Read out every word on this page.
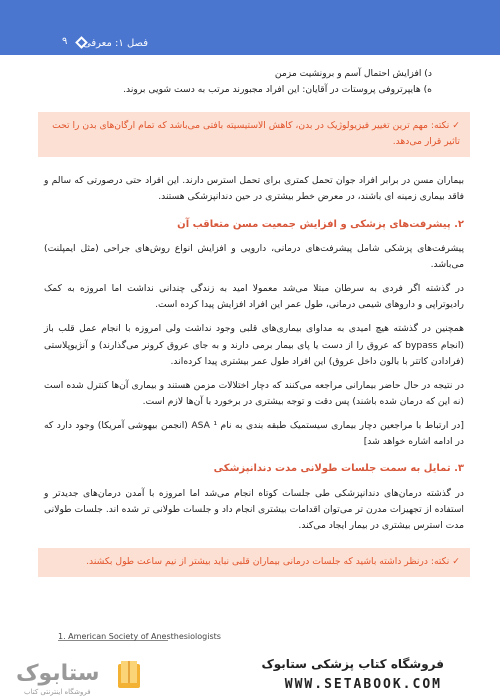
۹ فصل ۱: معرفی
د) افزایش احتمال آسم و برونشیت مزمن
ه) هایپرتروفی پروستات در آقایان: این افراد مجبورند مرتب به دست شویی بروند.
✓نکته: مهم ترین تغییر فیزیولوژیک در بدن، کاهش الاستیسیته بافتی می‌باشد که تمام ارگان‌های بدن را تحت تاثیر قرار می‌دهد.
بیماران مسن در برابر افراد جوان تحمل کمتری برای تحمل استرس دارند. این افراد حتی درصورتی که سالم و فاقد بیماری زمینه ای باشند، در معرض خطر بیشتری در حین دندانپزشکی هستند.
۲. پیشرفت‌های پزشکی و افزایش جمعیت مسن متعاقب آن
پیشرفت‌های پزشکی شامل پیشرفت‌های درمانی، دارویی و افزایش انواع روش‌های جراحی (مثل ایمپلنت) می‌باشد.
در گذشته اگر فردی به سرطان مبتلا می‌شد معمولا امید به زندگی چندانی نداشت اما امروزه به کمک رادیوتراپی و داروهای شیمی درمانی، طول عمر این افراد افزایش پیدا کرده است.
همچنین در گذشته هیچ امیدی به مداوای بیماری‌های قلبی وجود نداشت ولی امروزه با انجام عمل قلب باز (انجام bypass که عروق را از دست یا پای بیمار برمی دارند و به جای عروق کرونر می‌گذارند) و آنژیوپلاستی (فرادادن کاتتر با بالون داخل عروق) این افراد طول عمر بیشتری پیدا کرده‌اند.
در نتیجه در حال حاضر بیمارانی مراجعه می‌کنند که دچار اختلالات مزمن هستند و بیماری آن‌ها کنترل شده است (نه این که درمان شده باشند) پس دقت و توجه بیشتری در برخورد با آن‌ها لازم است.
[در ارتباط با مراجعین دچار بیماری سیستمیک طبقه بندی به نام ASA ¹ (انجمن بیهوشی آمریکا) وجود دارد که در ادامه اشاره خواهد شد]
۳. تمایل به سمت جلسات طولانی مدت دندانپزشکی
در گذشته درمان‌های دندانپزشکی طی جلسات کوتاه انجام می‌شد اما امروزه با آمدن درمان‌های جدیدتر و استفاده از تجهیزات مدرن تر می‌توان اقدامات بیشتری انجام داد و جلسات طولانی تر شده اند. جلسات طولانی مدت استرس بیشتری در بیمار ایجاد می‌کند.
✓نکته: درنظر داشته باشید که جلسات درمانی بیماران قلبی نباید بیشتر از نیم ساعت طول بکشند.
1. American Society of Anesthesiologists
ستابوک
فروشگاه اینترنتی کتاب
فروشگاه کتاب پزشکی ستابوک
WWW.SETABOOK.COM
